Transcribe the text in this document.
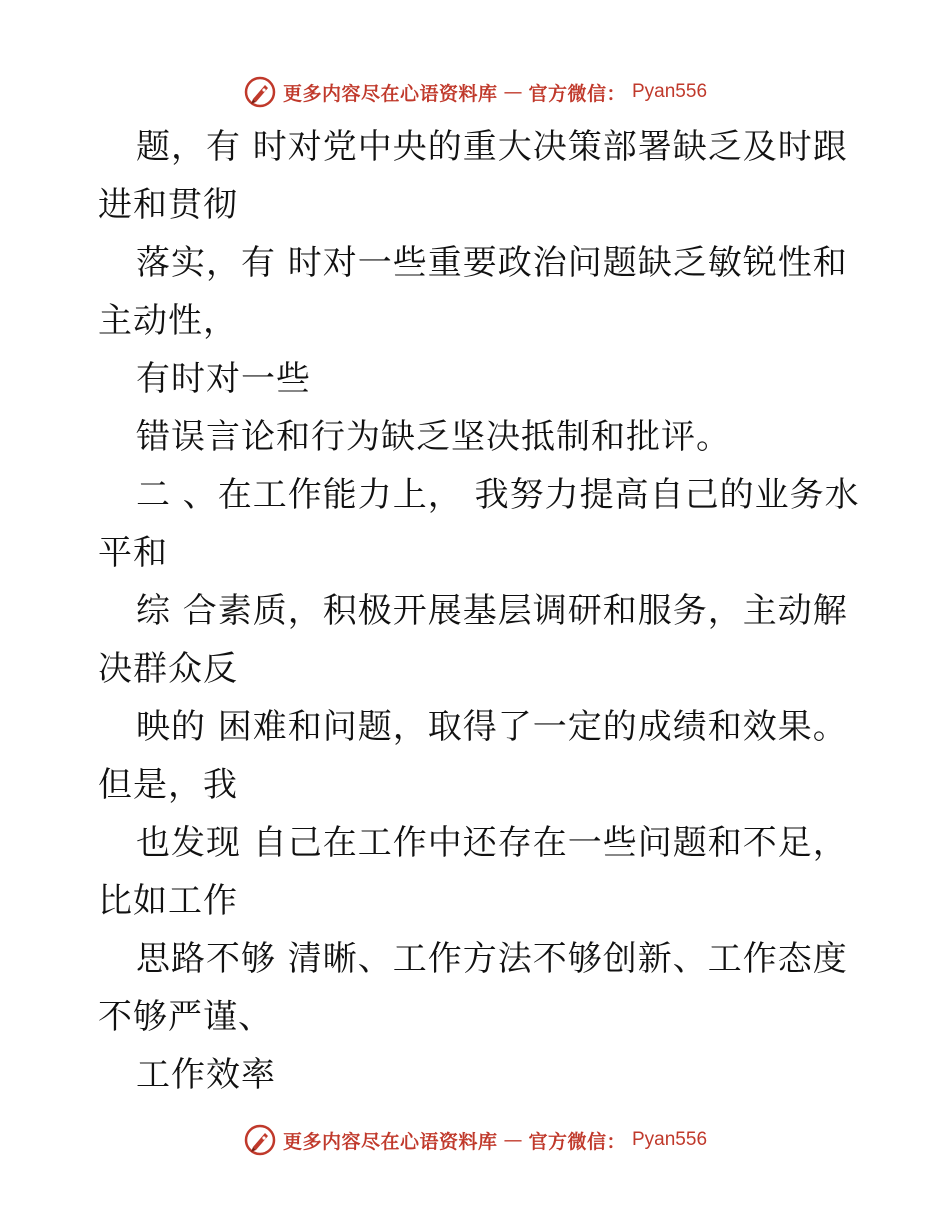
更多内容尽在心语资料库 — 官方微信： Pyan556
题，有 时对党中央的重大决策部署缺乏及时跟
进和贯彻
落实，有 时对一些重要政治问题缺乏敏锐性和
主动性，
有时对一些
错误言论和行为缺乏坚决抵制和批评。
二 、在工作能力上， 我努力提高自己的业务水
平和
综 合素质，积极开展基层调研和服务，主动解
决群众反
映的 困难和问题，取得了一定的成绩和效果。
但是，我
也发现 自己在工作中还存在一些问题和不足，
比如工作
思路不够 清晰、工作方法不够创新、工作态度
不够严谨、
工作效率
更多内容尽在心语资料库 — 官方微信： Pyan556
